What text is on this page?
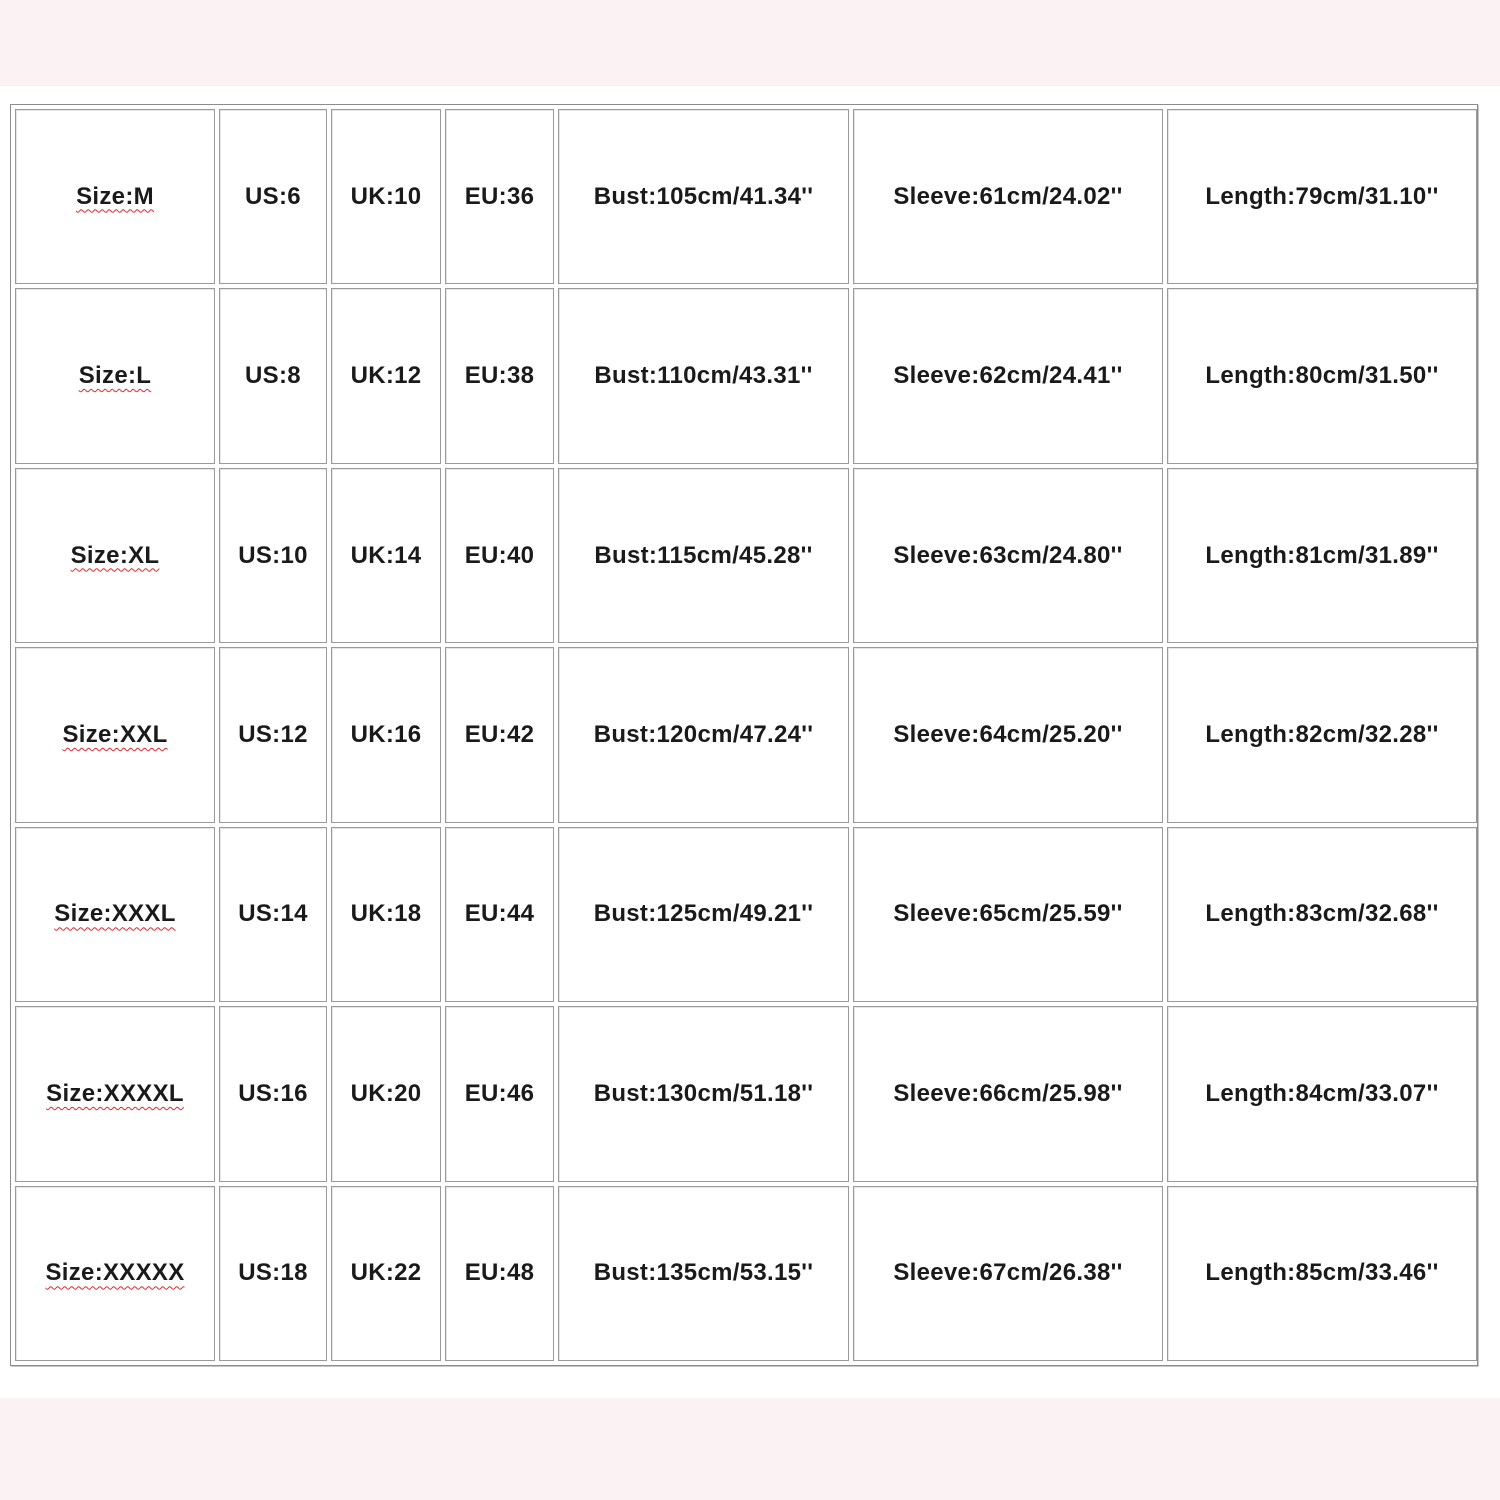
Size:M	US:6	UK:10	EU:36	Bust:105cm/41.34''	Sleeve:61cm/24.02''	Length:79cm/31.10''
Size:L	US:8	UK:12	EU:38	Bust:110cm/43.31''	Sleeve:62cm/24.41''	Length:80cm/31.50''
Size:XL	US:10	UK:14	EU:40	Bust:115cm/45.28''	Sleeve:63cm/24.80''	Length:81cm/31.89''
Size:XXL	US:12	UK:16	EU:42	Bust:120cm/47.24''	Sleeve:64cm/25.20''	Length:82cm/32.28''
Size:XXXL	US:14	UK:18	EU:44	Bust:125cm/49.21''	Sleeve:65cm/25.59''	Length:83cm/32.68''
Size:XXXXL	US:16	UK:20	EU:46	Bust:130cm/51.18''	Sleeve:66cm/25.98''	Length:84cm/33.07''
Size:XXXXX	US:18	UK:22	EU:48	Bust:135cm/53.15''	Sleeve:67cm/26.38''	Length:85cm/33.46''
